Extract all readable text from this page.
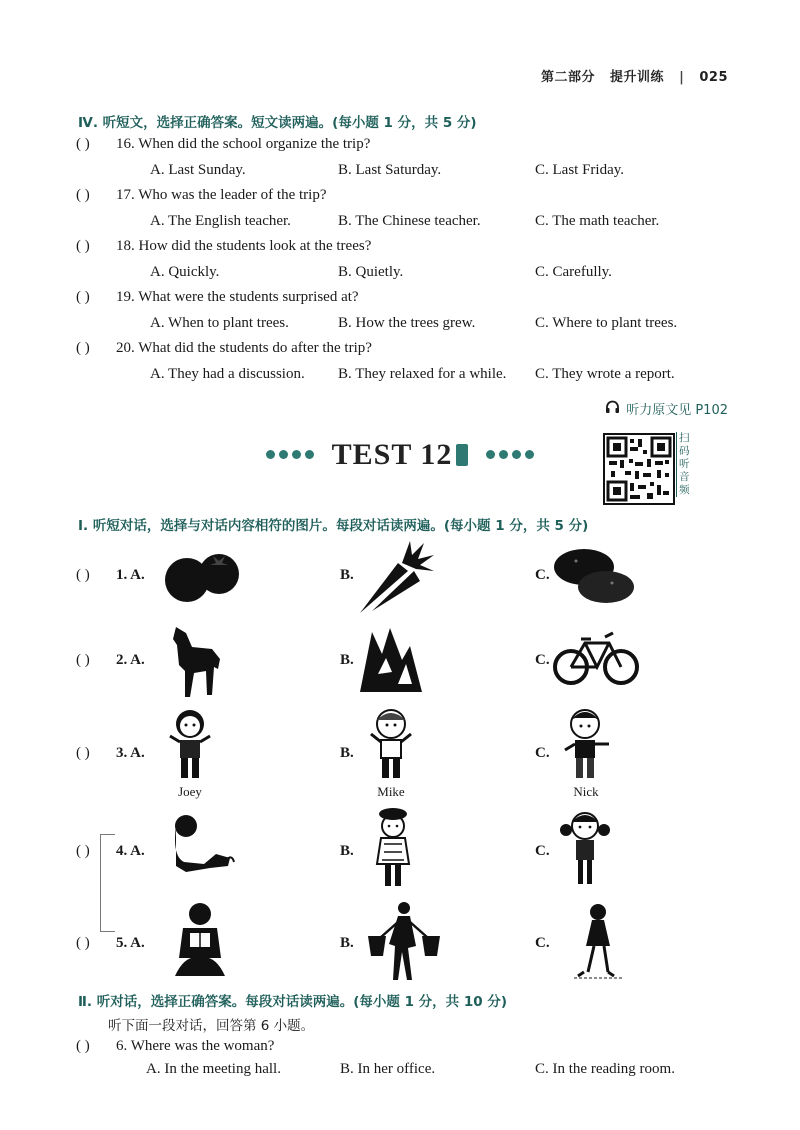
第二部分 提升训练 | 025
Ⅳ. 听短文，选择正确答案。短文读两遍。(每小题 1 分，共 5 分)
( ) 16. When did the school organize the trip?
A. Last Sunday.	B. Last Saturday.	C. Last Friday.
( ) 17. Who was the leader of the trip?
A. The English teacher.	B. The Chinese teacher.	C. The math teacher.
( ) 18. How did the students look at the trees?
A. Quickly.	B. Quietly.	C. Carefully.
( ) 19. What were the students surprised at?
A. When to plant trees.	B. How the trees grew.	C. Where to plant trees.
( ) 20. What did the students do after the trip?
A. They had a discussion. B. They relaxed for a while. C. They wrote a report.
听力原文见 P102
TEST 12	扫码听音频
Ⅰ. 听短对话，选择与对话内容相符的图片。每段对话读两遍。(每小题 1 分，共 5 分)
( ) 1. A.	B.	C.
( ) 2. A.	B.	C.
( ) 3. A.
Joey
B.
Mike
C.
Nick
( ) 4. A.	B.	C.
( ) 5. A.	B.	C.
Ⅱ. 听对话，选择正确答案。每段对话读两遍。(每小题 1 分，共 10 分)
听下面一段对话，回答第 6 小题。
( ) 6. Where was the woman?
A. In the meeting hall.	B. In her office.	C. In the reading room.
